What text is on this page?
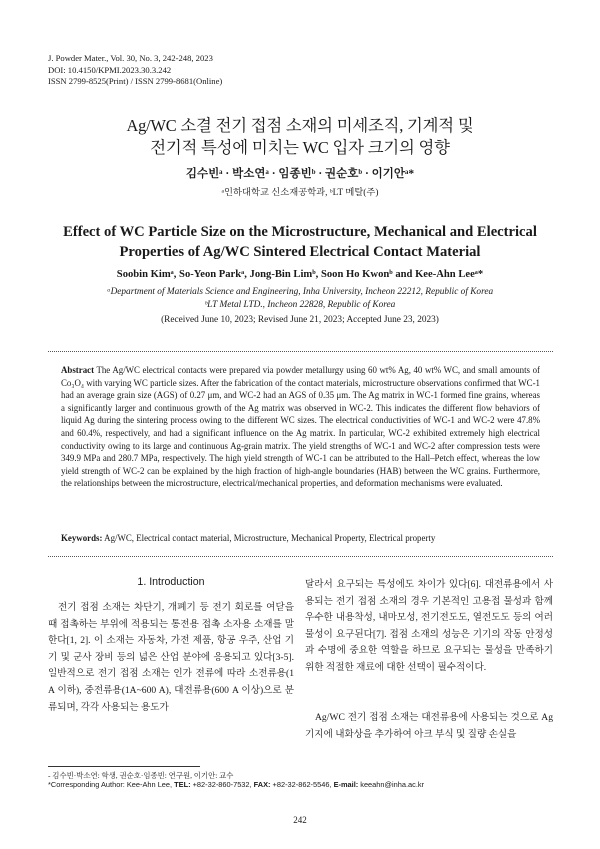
J. Powder Mater., Vol. 30, No. 3, 242-248, 2023
DOI: 10.4150/KPMI.2023.30.3.242
ISSN 2799-8525(Print) / ISSN 2799-8681(Online)
Ag/WC 소결 전기 접점 소재의 미세조직, 기계적 및
전기적 특성에 미치는 WC 입자 크기의 영향
김수빈ᵃ · 박소연ᵃ · 임종빈ᵇ · 권순호ᵇ · 이기안ᵃ*
ᵃ인하대학교 신소재공학과, ᵇLT 메탈(주)
Effect of WC Particle Size on the Microstructure, Mechanical and Electrical
Properties of Ag/WC Sintered Electrical Contact Material
Soobin Kimᵃ, So-Yeon Parkᵃ, Jong-Bin Limᵇ, Soon Ho Kwonᵇ and Kee-Ahn Leeᵃ*
ᵃDepartment of Materials Science and Engineering, Inha University, Incheon 22212, Republic of Korea
ᵇLT Metal LTD., Incheon 22828, Republic of Korea
(Received June 10, 2023; Revised June 21, 2023; Accepted June 23, 2023)
Abstract The Ag/WC electrical contacts were prepared via powder metallurgy using 60 wt% Ag, 40 wt% WC, and small amounts of Co₃O₄ with varying WC particle sizes. After the fabrication of the contact materials, microstructure observations confirmed that WC-1 had an average grain size (AGS) of 0.27 μm, and WC-2 had an AGS of 0.35 μm. The Ag matrix in WC-1 formed fine grains, whereas a significantly larger and continuous growth of the Ag matrix was observed in WC-2. This indicates the different flow behaviors of liquid Ag during the sintering process owing to the different WC sizes. The electrical conductivities of WC-1 and WC-2 were 47.8% and 60.4%, respectively, and had a significant influence on the Ag matrix. In particular, WC-2 exhibited extremely high electrical conductivity owing to its large and continuous Ag-grain matrix. The yield strengths of WC-1 and WC-2 after compression tests were 349.9 MPa and 280.7 MPa, respectively. The high yield strength of WC-1 can be attributed to the Hall–Petch effect, whereas the low yield strength of WC-2 can be explained by the high fraction of high-angle boundaries (HAB) between the WC grains. Furthermore, the relationships between the microstructure, electrical/mechanical properties, and deformation mechanisms were evaluated.
Keywords: Ag/WC, Electrical contact material, Microstructure, Mechanical Property, Electrical property
1. Introduction
전기 접점 소재는 차단기, 개폐기 등 전기 회로를 여닫을 때 접촉하는 부위에 적용되는 통전용 접촉 소자용 소재를 말한다[1, 2]. 이 소재는 자동차, 가전 제품, 항공 우주, 산업 기기 및 군사 장비 등의 넓은 산업 분야에 응용되고 있다[3-5]. 일반적으로 전기 접점 소재는 인가 전류에 따라 소전류용(1 A 이하), 중전류용(1A~600 A), 대전류용(600 A 이상)으로 분류되며, 각각 사용되는 용도가
달라서 요구되는 특성에도 차이가 있다[6]. 대전류용에서 사용되는 전기 접점 소재의 경우 기본적인 고용접 물성과 함께 우수한 내용착성, 내마모성, 전기전도도, 열전도도 등의 여러 물성이 요구된다[7]. 접점 소재의 성능은 기기의 작동 안정성과 수명에 중요한 역할을 하므로 요구되는 물성을 만족하기 위한 적절한 재료에 대한 선택이 필수적이다.
Ag/WC 전기 접점 소재는 대전류용에 사용되는 것으로 Ag 기지에 내화상을 추가하여 아크 부식 및 질량 손실을
- 김수빈·박소연: 학생, 권순호·임종빈: 연구원, 이기안: 교수
*Corresponding Author: Kee-Ahn Lee, TEL: +82-32-860-7532, FAX: +82-32-862-5546, E-mail: keeahn@inha.ac.kr
242
